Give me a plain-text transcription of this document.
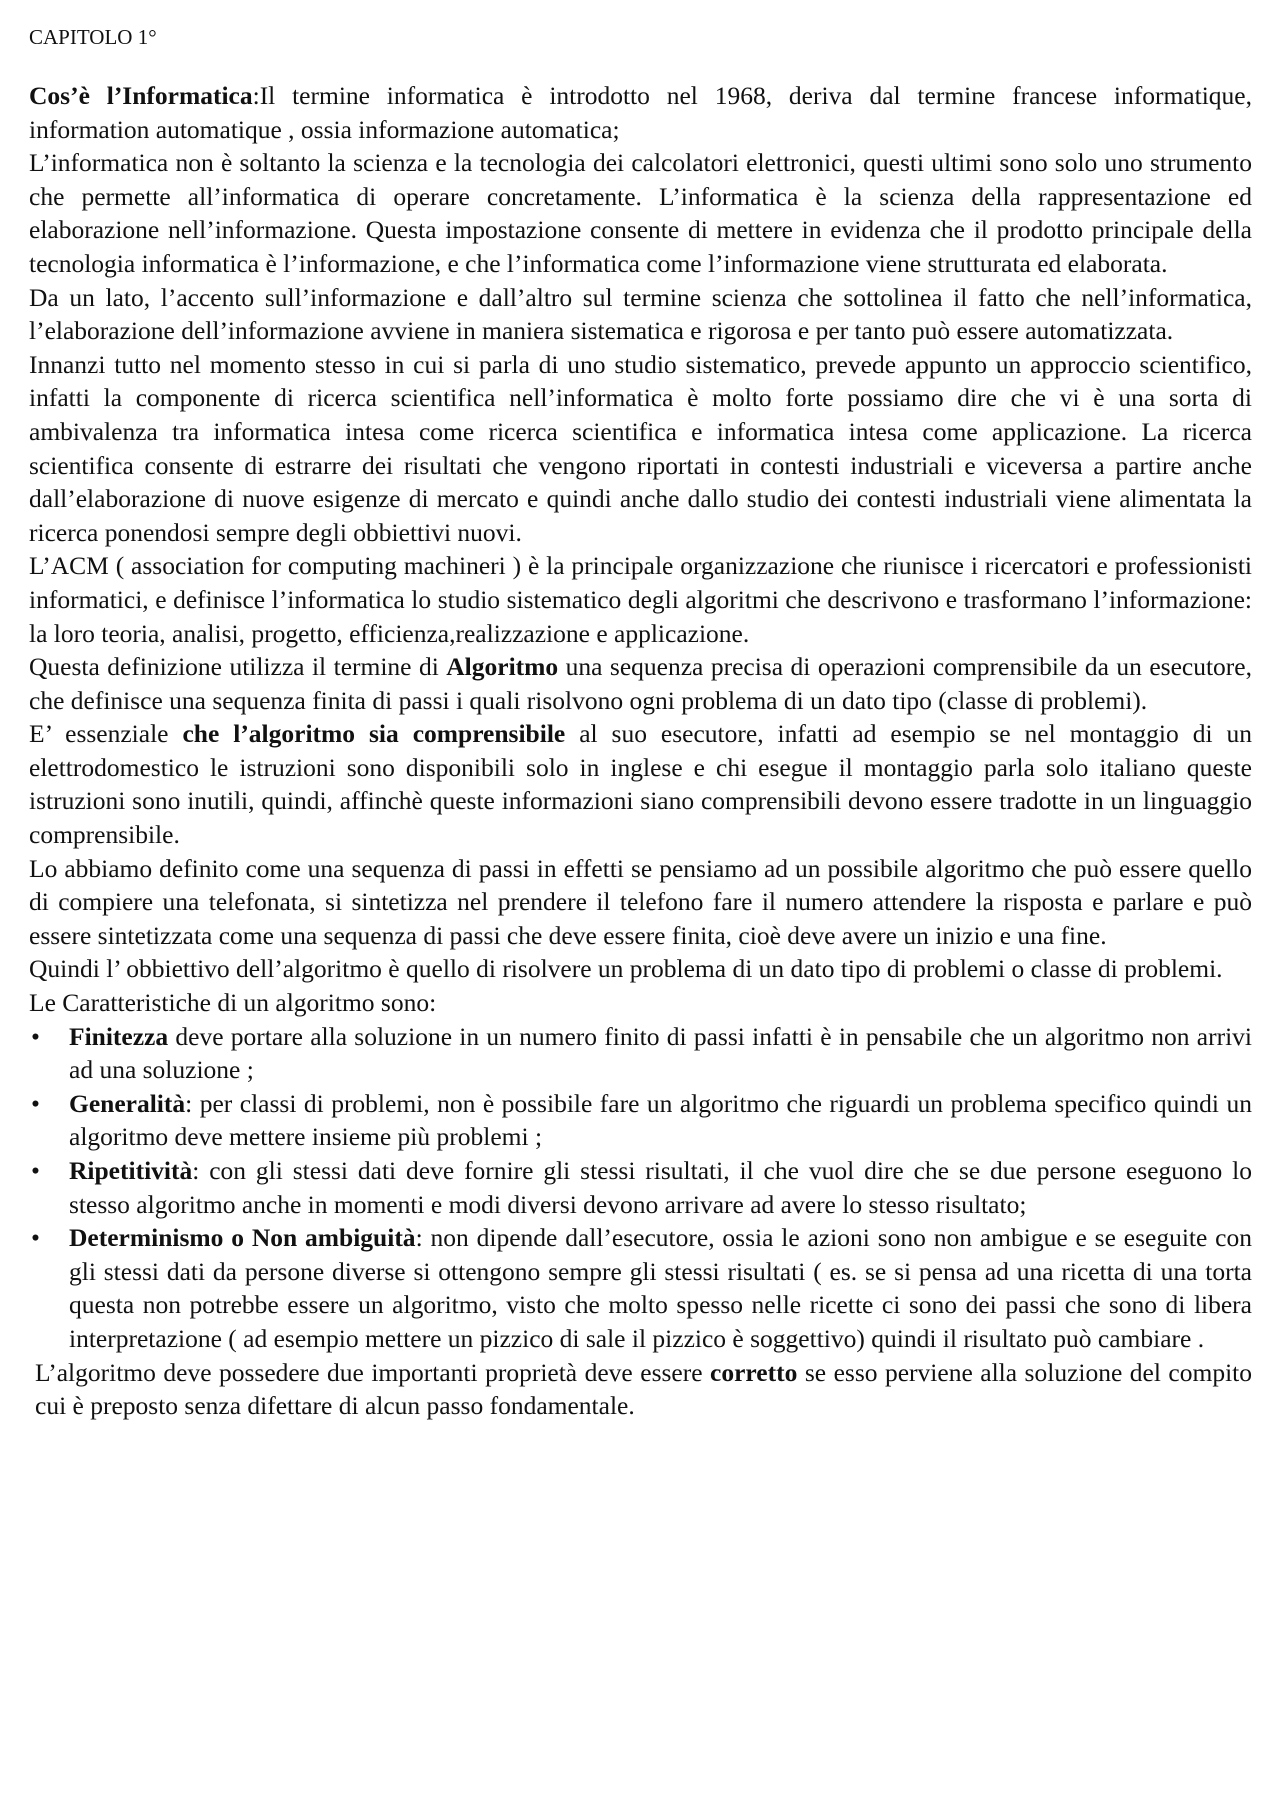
CAPITOLO 1°

Cos’è l’Informatica:Il termine informatica è introdotto nel 1968, deriva dal termine francese informatique, information automatique , ossia informazione automatica;

L’informatica non è soltanto la scienza e la tecnologia dei calcolatori elettronici, questi ultimi sono solo uno strumento che permette all’informatica di operare concretamente. L’informatica è la scienza della rappresentazione ed elaborazione nell’informazione. Questa impostazione consente di mettere in evidenza che il prodotto principale della tecnologia informatica è l’informazione, e che l’informatica come l’informazione viene strutturata ed elaborata.

Da un lato, l’accento sull’informazione e dall’altro sul termine scienza che sottolinea il fatto che nell’informatica, l’elaborazione dell’informazione avviene in maniera sistematica e rigorosa e per tanto può essere automatizzata.

Innanzi tutto nel momento stesso in cui si parla di uno studio sistematico, prevede appunto un approccio scientifico, infatti la componente di ricerca scientifica nell’informatica è molto forte possiamo dire che vi è una sorta di ambivalenza tra informatica intesa come ricerca scientifica e informatica intesa come applicazione. La ricerca scientifica consente di estrarre dei risultati che vengono riportati in contesti industriali e viceversa a partire anche dall’elaborazione di nuove esigenze di mercato e quindi anche dallo studio dei contesti industriali viene alimentata la ricerca ponendosi sempre degli obbiettivi nuovi.

L’ACM ( association for computing machineri ) è la principale organizzazione che riunisce i ricercatori e professionisti informatici, e definisce l’informatica lo studio sistematico degli algoritmi che descrivono e trasformano l’informazione: la loro teoria, analisi, progetto, efficienza,realizzazione e applicazione.

Questa definizione utilizza il termine di Algoritmo una sequenza precisa di operazioni comprensibile da un esecutore, che definisce una sequenza finita di passi i quali risolvono ogni problema di un dato tipo (classe di problemi).

E’ essenziale che l’algoritmo sia comprensibile al suo esecutore, infatti ad esempio se nel montaggio di un elettrodomestico le istruzioni sono disponibili solo in inglese e chi esegue il montaggio parla solo italiano queste istruzioni sono inutili, quindi, affinchè queste informazioni siano comprensibili devono essere tradotte in un linguaggio comprensibile.

Lo abbiamo definito come una sequenza di passi in effetti se pensiamo ad un possibile algoritmo che può essere quello di compiere una telefonata, si sintetizza nel prendere il telefono fare il numero attendere la risposta e parlare e può essere sintetizzata come una sequenza di passi che deve essere finita, cioè deve avere un inizio e una fine.

Quindi l’ obbiettivo dell’algoritmo è quello di risolvere un problema di un dato tipo di problemi o classe di problemi.

Le Caratteristiche di un algoritmo sono:

• Finitezza deve portare alla soluzione in un numero finito di passi infatti è in pensabile che un algoritmo non arrivi ad una soluzione ;
• Generalità: per classi di problemi, non è possibile fare un algoritmo che riguardi un problema specifico quindi un algoritmo deve mettere insieme più problemi ;
• Ripetitività: con gli stessi dati deve fornire gli stessi risultati, il che vuol dire che se due persone eseguono lo stesso algoritmo anche in momenti e modi diversi devono arrivare ad avere lo stesso risultato;
• Determinismo o Non ambiguità: non dipende dall’esecutore, ossia le azioni sono non ambigue e se eseguite con gli stessi dati da persone diverse si ottengono sempre gli stessi risultati ( es. se si pensa ad una ricetta di una torta questa non potrebbe essere un algoritmo, visto che molto spesso nelle ricette ci sono dei passi che sono di libera interpretazione ( ad esempio mettere un pizzico di sale il pizzico è soggettivo) quindi il risultato può cambiare .

L’algoritmo deve possedere due importanti proprietà deve essere corretto se esso perviene alla soluzione del compito cui è preposto senza difettare di alcun passo fondamentale.
